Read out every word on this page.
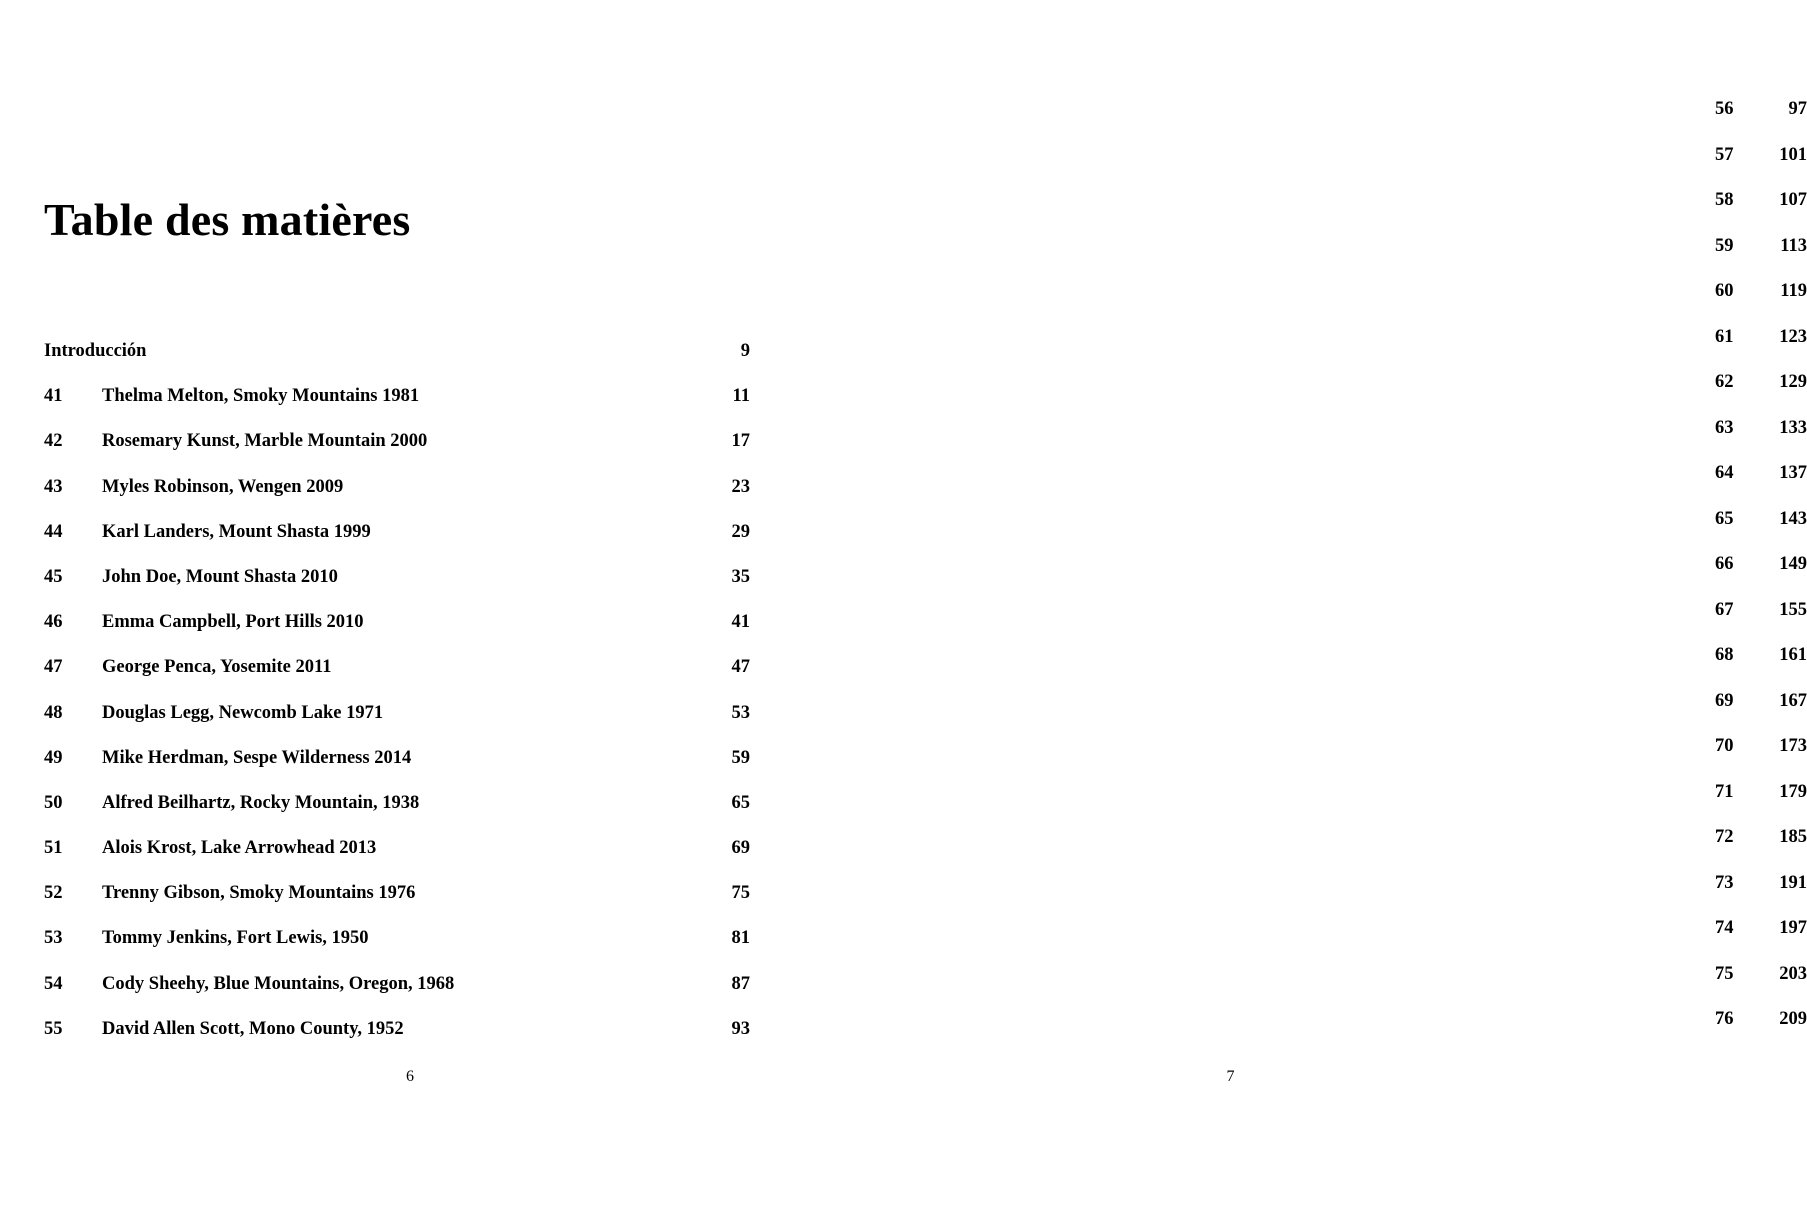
Table des matières
Introducción	9
41	Thelma Melton, Smoky Mountains 1981	11
42	Rosemary Kunst, Marble Mountain 2000	17
43	Myles Robinson, Wengen 2009	23
44	Karl Landers, Mount Shasta 1999	29
45	John Doe, Mount Shasta 2010	35
46	Emma Campbell, Port Hills 2010	41
47	George Penca, Yosemite 2011	47
48	Douglas Legg, Newcomb Lake 1971	53
49	Mike Herdman, Sespe Wilderness 2014	59
50	Alfred Beilhartz, Rocky Mountain, 1938	65
51	Alois Krost, Lake Arrowhead 2013	69
52	Trenny Gibson, Smoky Mountains 1976	75
53	Tommy Jenkins, Fort Lewis, 1950	81
54	Cody Sheehy, Blue Mountains, Oregon, 1968	87
55	David Allen Scott, Mono County, 1952	93
6
56	97
57	101
58	107
59	113
60	119
61	123
62	129
63	133
64	137
65	143
66	149
67	155
68	161
69	167
70	173
71	179
72	185
73	191
74	197
75	203
76	209
7
